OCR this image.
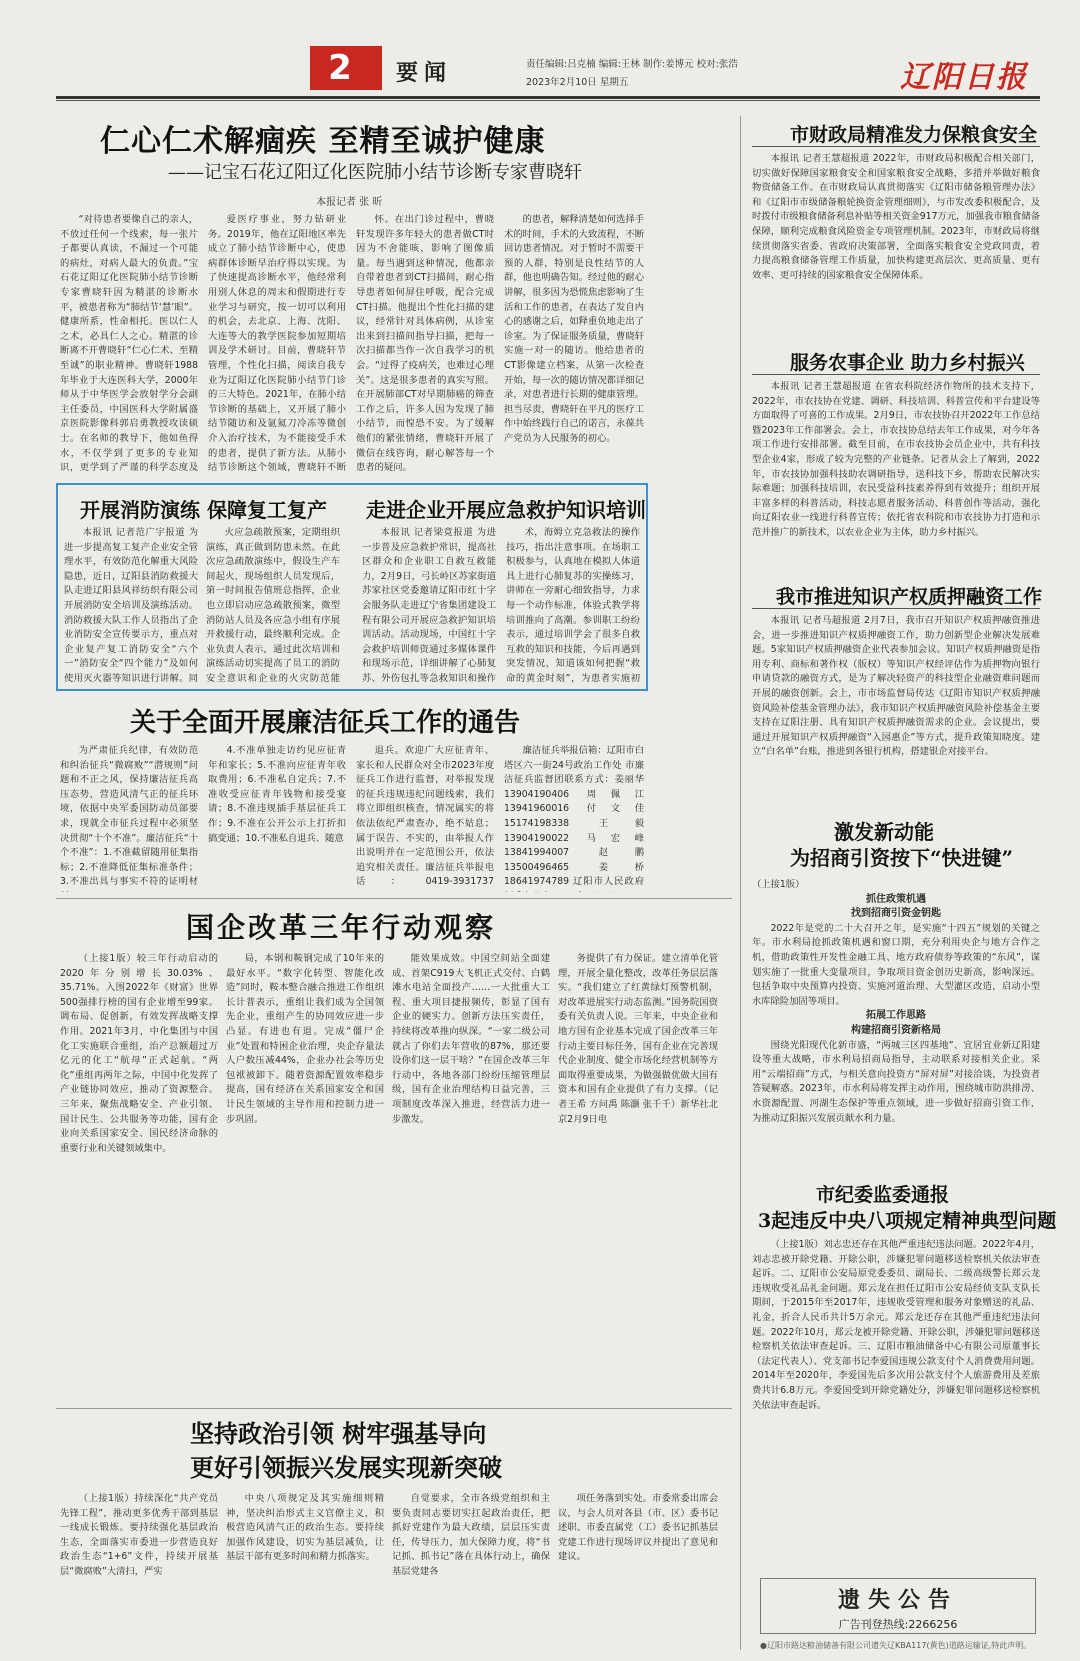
2	要闻	责任编辑:吕克楠 编辑:王林 制作:姜博元 校对:张浩
2023年2月10日 星期五	辽阳日报
仁心仁术解痼疾 至精至诚护健康
——记宝石花辽阳辽化医院肺小结节诊断专家曹晓轩
本报记者 张 昕

“对待患者要像自己的亲人，不放过任何一个线索，每一张片子都要认真读，不漏过一个可能的病灶，对病人最大的负责。”宝石花辽阳辽化医院肺小结节诊断专家曹晓轩因为精湛的诊断水平，被患者称为“肺结节‘慧’眼”。健康所系，性命相托。医以仁人之术，必具仁人之心。精湛的诊断离不开曹晓轩“仁心仁术、至精至诚”的职业精神。曹晓轩1988年毕业于大连医科大学，2000年师从于中华医学会放射学分会副主任委员，中国医科大学附属盛京医院影像科郭启勇教授攻读硕士。在名师的教导下，他如鱼得水，不仅学到了更多的专业知识，更学到了严谨的科学态度及

爱医疗事业，努力钻研业务。2019年，他在辽阳地区率先成立了肺小结节诊断中心，使患病群体诊断早治疗得以实现。为了快速提高诊断水平，他经常利用别人休息的周末和假期进行专业学习与研究，按一切可以利用的机会，去北京、上海、沈阳、大连等大的教学医院参加短期培训及学术研讨。目前，曹晓轩节管理，个性化扫描，阅读自我专业为辽阳辽化医院肺小结节门诊的三大特色。2021年，在肺小结节诊断的基础上，又开展了肺小结节随访和及氩氦刀冷冻等微创介入治疗技术，为不能接受手术的患者，提供了新方法。从肺小结节诊断这个领域，曹晓轩不断

怀。在出门诊过程中，曹晓轩发现许多年轻大的患者做CT时因为不舍能咳，影响了图像质量。每当遇到这种情况，他都亲自带着患者到CT扫描间，耐心指导患者如何屏住呼吸，配合完成CT扫描。他提出个性化扫描的建议，经常针对具体病例，从诊室出来到扫描间指导扫描，把每一次扫描都当作一次自我学习的机会。“过得了疫病关，也难过心理关”。这是很多患者的真实写照。在开展肺部CT对早期肺癌的筛查工作之后，许多人因为发现了肺小结节，而惶恐不安。为了缓解他们的紧张情绪，曹晓轩开展了微信在线咨询，耐心解答每一个患者的疑问。

的患者，解释清楚如何选择手术的时间，手术的大致流程，不断回访患者情况。对于暂时不需要干预的人群，特别是良性结节的人群，他也明确告知。经过他的耐心讲解，很多因为恐慌焦虑影响了生活和工作的患者，在表达了发自内心的感谢之后，如释重负地走出了诊室。为了保证服务质量，曹晓轩实施一对一的随访。他给患者的CT影像建立档案，从第一次检查开始，每一次的随访情况都详细记录，对患者进行长期的健康管理。担当尽责，曹晓轩在平凡的医疗工作中始终践行自己的诺言，永葆共产党员为人民服务的初心。

开展消防演练 保障复工复产 走进企业开展应急救护知识培训

本报讯 记者范广宇报道 为进一步提高复工复产企业安全管理水平，有效防范化解重大风险隐患，近日，辽阳县消防救援大队走进辽阳县风祥纺织有限公司开展消防安全培训及演练活动。消防救援大队工作人员指出了企业消防安全宣传要示方，重点对企业复产复工消防安全“六个一”消防安全“四个能力”及如何使用灭火器等知识进行讲解。同

火应急疏散预案，定期组织演练，真正做到防患未然。在此次应急疏散演练中，假设生产车间起火，现场组织人员发现后，第一时间报告值班总指挥，企业也立即启动应急疏散预案，微型消防站人员及各应急小组有序展开救援行动，最终顺利完成。企业负责人表示，通过此次培训和演练活动切实提高了员工的消防安全意识和企业的火灾防范能

本报讯 记者梁竟报道 为进一步普及应急救护常识，提高社区群众和企业职工自救互救能力，2月9日，弓长岭区苏家街道苏家社区党委邀请辽阳市红十字会服务队走进辽宁省集团建设工程有限公司开展应急救护知识培训活动。活动现场，中国红十字会救护培训师资通过多媒体课件和现场示范，详细讲解了心肺复苏、外伤包扎等急救知识和操作

术，海姆立克急救法的操作技巧，指出注意事项。在场职工积极参与，认真地在模拟人体道具上进行心肺复苏的实操练习，讲师在一旁耐心细致指导，力求每一个动作标准，体验式教学将培训推向了高潮。参训职工纷纷表示，通过培训学会了很多自救互救的知识和技能，今后再遇到突发情况，知道该如何把握“救命的黄金时刻”，为患者实施初

关于全面开展廉洁征兵工作的通告

为严肃征兵纪律，有效防范和纠治征兵“微腐败”“潜规则”问题和不正之风，保持廉洁征兵高压态势，营造风清气正的征兵环境，依据中央军委国防动员部要求，现就全市征兵过程中必须坚决贯彻“十个不准”。廉洁征兵“十个不准”：1.不准截留随用征集指标；2.不准降低征集标准条件；3.不准出具与事实不符的证明材

4.不准单独走访约见应征青年和家长；5.不准向应征青年收取费用；6.不准私自定兵；7.不准收受应征青年钱物和接受宴请；8.不准违规插手基层征兵工作；9.不准在公开公示上打折扣搞变通；10.不准私自退兵、随意

退兵。欢迎广大应征青年、家长和人民群众对全市2023年度征兵工作进行监督，对举报发现的征兵违规违纪问题线索，我们将立即组织核查，情况属实的将依法依纪严肃查办，绝不姑息；属于误告、不实的，由举报人作出说明并在一定范围公开，依法追究相关责任。廉洁征兵举报电话：0419-3931737

廉洁征兵举报信箱：辽阳市白塔区六一街24号政治工作处 市廉洁征兵监督团联系方式：姜丽华 13904190406 周佩江 13941960016 付文佳 15174198338 王毅 13904190022 马宏峰 13841994007 赵鹏 13500496465 姜桥 18641974789 辽阳市人民政府

国企改革三年行动观察

（上接1版）较三年行动启动的2020年分别增长30.03%、35.71%。入围2022年《财富》世界500强排行榜的国有企业增至99家。调布局、促创新，有效发挥战略支撑作用。2021年3月，中化集团与中国化工实施联合重组，治产总额超过万亿元的化工“航母”正式起航。“两化”重组再两年之际，中国中化发挥了产业链协同效应，推动了资源整合。三年来，聚焦战略安全、产业引领、国计民生、公共服务等功能，国有企业向关系国家安全、国民经济命脉的重要行业和关键领域集中。

局，本钢和鞍钢完成了10年来的最好水平。“数字化转型、智能化改造”同时，鞍本整合融合推进工作组织长计普表示，重组让我们成为全国领先企业，重组产生的协同效应进一步凸显。有进也有退。完成“僵尸企业”处置和特困企业治理，央企存量法人户数压减44%，企业办社会等历史包袱被卸下。随着资源配置效率稳步提高，国有经济在关系国家安全和国计民生领域的主导作用和控制力进一步巩固。

能效果成效。中国空间站全面建成、首架C919大飞机正式交付、白鹤滩水电站全面投产……一大批重大工程、重大项目捷报频传，彰显了国有企业的硬实力。创新方法压实责任，持续将改革推向纵深。“一家二级公司就占了你们去年营收的87%，那还要设你们这一层干啥？”在国企改革三年行动中，各地各部门纷纷压缩管理层级，国有企业治理结构日益完善，三项制度改革深入推进，经营活力进一步激发。

务提供了有力保证。建立清单化管理，开展全量化整改，改革任务层层落实。“我们建立了红黄绿灯预警机制，对改革进展实行动态监测。”国务院国资委有关负责人说。三年来，中央企业和地方国有企业基本完成了国企改革三年行动主要目标任务，国有企业在完善现代企业制度、健全市场化经营机制等方面取得重要成果，为做强做优做大国有资本和国有企业提供了有力支撑。（记者王希 方问禹 陈灏 张千千）新华社北京2月9日电

坚持政治引领 树牢强基导向
更好引领振兴发展实现新突破

（上接1版）持续深化“共产党员先锋工程”，推动更多优秀干部到基层一线成长锻炼。要持续强化基层政治生态，全面落实市委进一步营造良好政治生态“1+6”文件，持续开展基层“微腐败”大清扫，严实

中央八项规定及其实施细则精神，坚决纠治形式主义官僚主义，积极营造风清气正的政治生态。要持续加强作风建设，切实为基层减负，让基层干部有更多时间和精力抓落实。

自觉要求，全市各级党组织和主要负责同志要切实扛起政治责任，把抓好党建作为最大政绩，层层压实责任，传导压力，加大保障力度，将“书记抓、抓书记”落在具体行动上，确保基层党建各

项任务落到实处。市委常委出席会议，与会人员对各县（市、区）委书记述职、市委直属党（工）委书记抓基层党建工作进行现场评议并提出了意见和建议。

市财政局精准发力保粮食安全

本报讯 记者王慧超报道 2022年，市财政局积极配合相关部门，切实做好保障国家粮食安全和国家粮食安全战略，多措并举做好粮食物资储备工作。在市财政局认真贯彻落实《辽阳市储备粮管理办法》和《辽阳市市级储备粮轮换资金管理细则》，与市发改委积极配合，及时拨付市级粮食储备利息补贴等相关资金917万元，加强我市粮食储备保障，顺利完成粮食风险资金专项管理机制。2023年，市财政局将继续贯彻落实省委、省政府决策部署，全面落实粮食安全党政同责，着力提高粮食储备管理工作质量，加快构建更高层次、更高质量、更有效率、更可持续的国家粮食安全保障体系。

服务农事企业 助力乡村振兴

本报讯 记者王慧超报道 在省农科院经济作物所的技术支持下，2022年，市农技协在党建、调研、科技培训、科普宣传和平台建设等方面取得了可喜的工作成果。2月9日，市农技协召开2022年工作总结暨2023年工作部署会。会上，市农技协总结去年工作成果，对今年各项工作进行安排部署。截至目前，在市农技协会员企业中，共有科技型企业4家，形成了较为完整的产业链条。记者从会上了解到，2022年，市农技协加强科技助农调研指导，送科技下乡，帮助农民解决实际难题；加强科技培训，农民受益科技素养得到有效提升；组织开展丰富多样的科普活动，科技志愿者服务活动、科普创作等活动，强化向辽阳农业一线进行科普宣传；依托省农科院和市农技协力打造和示范并推广的新技术，以农业企业为主体，助力乡村振兴。

我市推进知识产权质押融资工作

本报讯 记者马超报道 2月7日，我市召开知识产权质押融资推进会，进一步推进知识产权质押融资工作，助力创新型企业解决发展难题。5家知识产权质押融资企业代表参加会议。知识产权质押融资是指用专利、商标和著作权（版权）等知识产权经评估作为质押物向银行申请贷款的融资方式，是为了解决轻资产的科技型企业融资难问题而开展的融资创新。会上，市市场监督局传达《辽阳市知识产权质押融资风险补偿基金管理办法》，我市知识产权质押融资风险补偿基金主要支持在辽阳注册、具有知识产权质押融资需求的企业。会议提出，要通过开展知识产权质押融资“入园惠企”等方式，提升政策知晓度。建立“白名单”台账，推进到各银行机构，搭建银企对接平台。

激发新动能
为招商引资按下“快进键”

（上接1版）

抓住政策机遇
找到招商引资金钥匙

2022年是党的二十大召开之年，是实施“十四五”规划的关键之年。市水利局抢抓政策机遇和窗口期，充分利用央企与地方合作之机，借助政策性开发性金融工具、地方政府债券等政策的“东风”，谋划实施了一批重大变量项目，争取项目资金创历史新高，影响深远。包括争取中央预算内投资、实施河道治理、大型灌区改造，启动小型水库除险加固等项目。

拓展工作思路
构建招商引资新格局

围绕光阳现代化新市盛，“两城三区四基地”、宜居宜业新辽阳建设等重大战略，市水利局招商局指导，主动联系对接相关企业。采用“云端招商”方式，与相关意向投资方“屏对屏”对接洽谈，为投资者答疑解惑。2023年，市水利局将发挥主动作用，围绕城市防洪排涝、水资源配置、河湖生态保护等重点领域，进一步做好招商引资工作，为推动辽阳振兴发展贡献水利力量。

市纪委监委通报
3起违反中央八项规定精神典型问题

（上接1版）刘志忠还存在其他严重违纪违法问题。2022年4月，刘志忠被开除党籍、开除公职，涉嫌犯罪问题移送检察机关依法审查起诉。二、辽阳市公安局原党委委员、副局长、二级高级警长郑云龙违规收受礼品礼金问题。郑云龙在担任辽阳市公安局经侦支队支队长期间，于2015年至2017年，违规收受管理和服务对象赠送的礼品、礼金，折合人民币共计5万余元。郑云龙还存在其他严重违纪违法问题。2022年10月，郑云龙被开除党籍、开除公职，涉嫌犯罪问题移送检察机关依法审查起诉。三、辽阳市粮油储备中心有限公司原董事长（法定代表人）、党支部书记李爱国违规公款支付个人消费费用问题。2014年至2020年，李爱国先后多次用公款支付个人旅游费用及差旅费共计6.8万元。李爱国受到开除党籍处分，涉嫌犯罪问题移送检察机关依法审查起诉。

遗失公告
广告刊登热线:2266256
●辽阳市路达粮油储备有限公司遗失辽KBA117(黄色)道路运输证,特此声明。
